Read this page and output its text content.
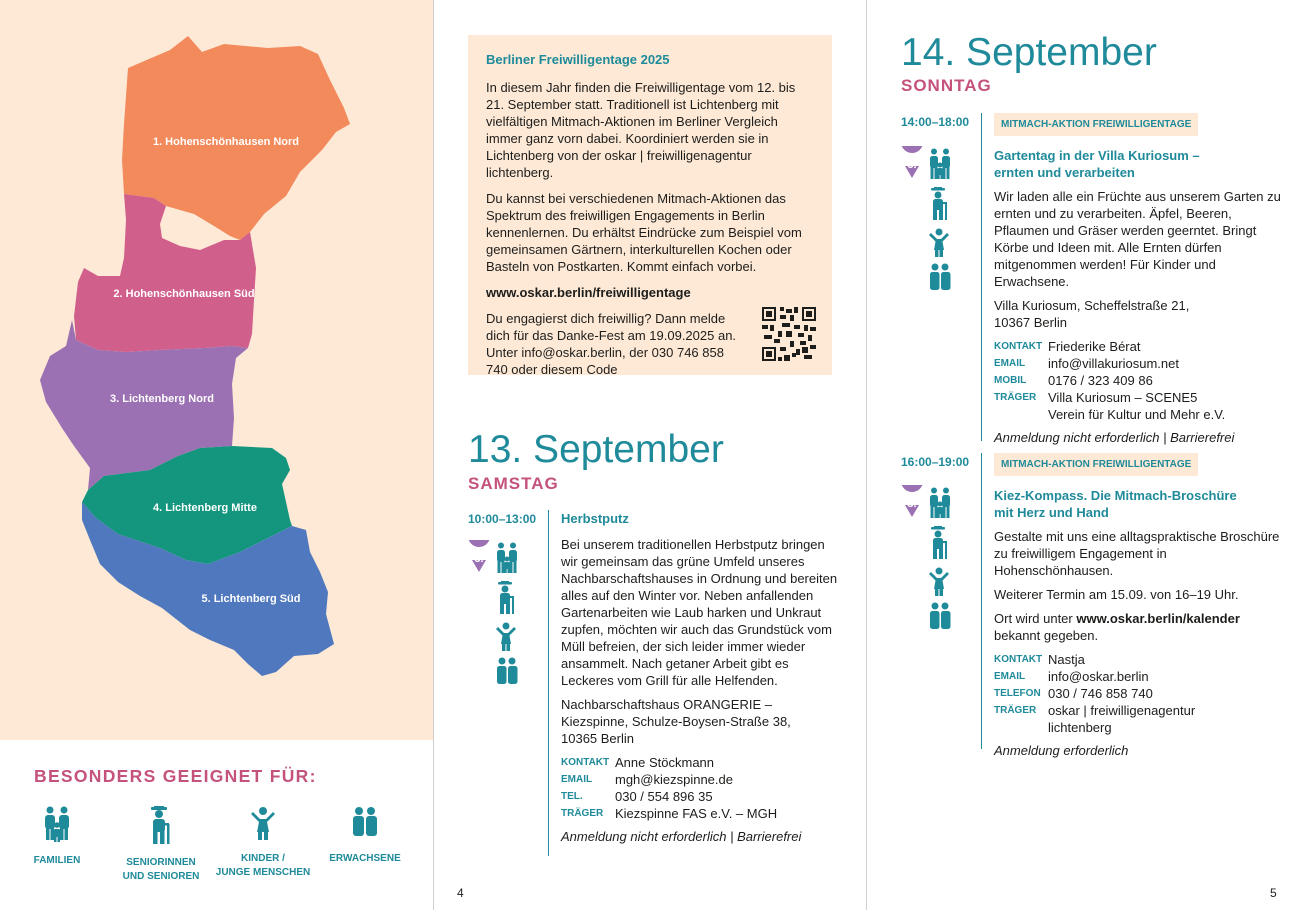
1. Hohenschönhausen Nord
2. Hohenschönhausen Süd
3. Lichtenberg Nord
4. Lichtenberg Mitte
5. Lichtenberg Süd
BESONDERS GEEIGNET FÜR:
FAMILIEN	SENIORINNEN
UND SENIOREN
KINDER /
JUNGE MENSCHEN
ERWACHSENE
4
Berliner Freiwilligentage 2025

In diesem Jahr finden die Freiwilligentage vom 12. bis 21. September statt. Traditionell ist Lichtenberg mit vielfältigen Mitmach-Aktionen im Berliner Vergleich immer ganz vorn dabei. Koordiniert werden sie in Lichtenberg von der oskar | freiwilligenagentur lichtenberg.

Du kannst bei verschiedenen Mitmach-Aktionen das Spektrum des freiwilligen Engagements in Berlin kennenlernen. Du erhältst Eindrücke zum Beispiel vom gemeinsamen Gärtnern, interkulturellen Kochen oder Basteln von Postkarten. Kommt einfach vorbei.

www.oskar.berlin/freiwilligentage

Du engagierst dich freiwillig? Dann melde dich für das Danke-Fest am 19.09.2025 an. Unter info@oskar.berlin, der 030 746 858 740 oder diesem Code

13. September
SAMSTAG
10:00–13:00
3.
Herbstputz

Bei unserem traditionellen Herbstputz bringen wir gemeinsam das grüne Umfeld unseres Nachbarschaftshauses in Ordnung und bereiten alles auf den Winter vor. Neben anfallenden Gartenarbeiten wie Laub harken und Unkraut zupfen, möchten wir auch das Grundstück vom Müll befreien, der sich leider immer wieder ansammelt. Nach getaner Arbeit gibt es Leckeres vom Grill für alle Helfenden.

Nachbarschaftshaus ORANGERIE –
Kiezspinne, Schulze-Boysen-Straße 38,
10365 Berlin

KONTAKT Anne Stöckmann
EMAIL	mgh@kiezspinne.de
TEL.	030 / 554 896 35
TRÄGER Kiezspinne FAS e.V. – MGH
Anmeldung nicht erforderlich | Barrierefrei
14. September
SONNTAG
14:00–18:00
3.
MITMACH-AKTION FREIWILLIGENTAGE
Gartentag in der Villa Kuriosum –
ernten und verarbeiten

Wir laden alle ein Früchte aus unserem Garten zu ernten und zu verarbeiten. Äpfel, Beeren, Pflaumen und Gräser werden geerntet. Bringt Körbe und Ideen mit. Alle Ernten dürfen mitgenommen werden! Für Kinder und Erwachsene.

Villa Kuriosum, Scheffelstraße 21,
10367 Berlin

KONTAKT Friederike Bérat
EMAIL	info@villakuriosum.net
MOBIL	0176 / 323 409 86
TRÄGER Villa Kuriosum – SCENE5
Verein für Kultur und Mehr e.V.
Anmeldung nicht erforderlich | Barrierefrei
16:00–19:00
3.
MITMACH-AKTION FREIWILLIGENTAGE
Kiez-Kompass. Die Mitmach-Broschüre
mit Herz und Hand

Gestalte mit uns eine alltagspraktische Broschüre zu freiwilligem Engagement in Hohenschönhausen.

Weiterer Termin am 15.09. von 16–19 Uhr.

Ort wird unter www.oskar.berlin/kalender bekannt gegeben.

KONTAKT Nastja
EMAIL	info@oskar.berlin
TELEFON 030 / 746 858 740
TRÄGER oskar | freiwilligenagentur
lichtenberg
Anmeldung erforderlich
5
